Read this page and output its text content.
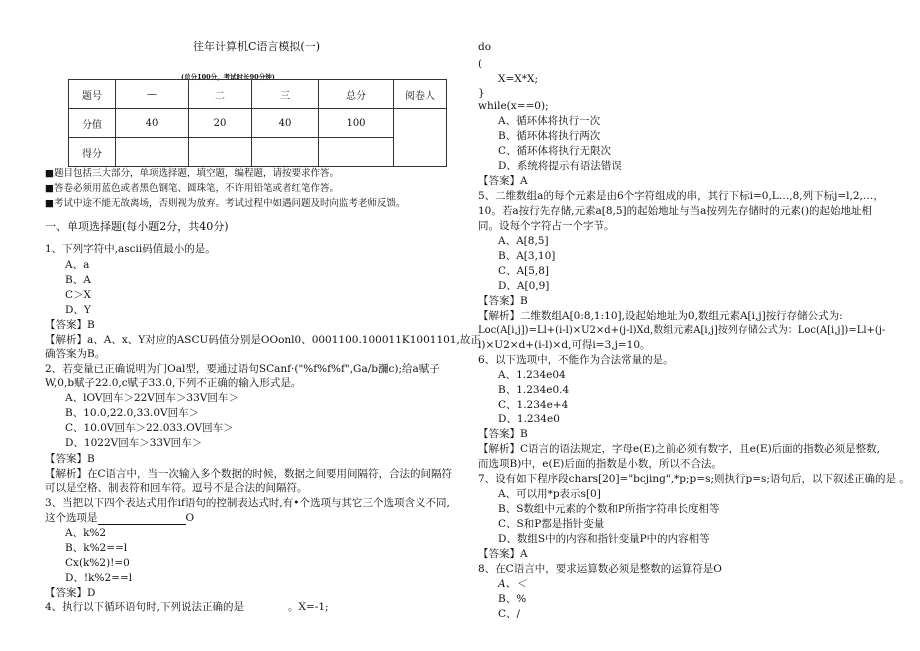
往年计算机C语言模拟(一)
(总分100分，考试时长90分钟)
题号	—	二	三	总分	阅卷人
分值	40	20	40	100	
得分					
■题目包括三大部分，单项选择题，填空题，编程题，请按要求作答。
■答卷必须用蓝色或者黑色钢笔、圆珠笔，不许用铅笔或者红笔作答。
■考试中途不能无故离场，否则视为放弃。考试过程中如遇问题及时向监考老师反馈。
一、单项选择题(每小题2分，共40分)
1、下列字符中,ascii码值最小的是。
A、a
B、A
C＞X
D、Y
【答案】B
【解析】a、A、x、Y对应的ASCU码值分别是OOonl0、0001100.100011K1001101,故正
确答案为B。
2、若变量已正确说明为门Oal型，要通过语句SCanf·("%f%f%f",Ga/b瀰c);给a赋子
W,0,b赋子22.0,c赋子33.0,下列不正确的输入形式是。
A、lOV回车＞22V回车＞33V回车＞
B、10.0,22.0,33.0V回车＞
C、10.0V回车＞22.033.OV回车＞
D、1022V回车＞33V回车＞
【答案】B
【解析】在C语言中，当一次输入多个数据的时候，数据之间要用间隔符，合法的间隔符
可以是空格、制表符和回车符。逗号不是合法的间隔符。
3、当把以下四个表达式用作if语句的控制表达式时,有•个选项与其它三个选项含义不同,
这个选项是	O
A、k%2
B、k%2==l
Cx(k%2)!=0
D、!k%2==l
【答案】D
4、执行以下循环语句时,下列说法正确的是	。X=-1;
do
(
X=X*X;
}
while(x==0);
A、循环体将执行一次
B、循环体将执行两次
C、循环体将执行无限次
D、系统将提示有语法错误
【答案】A
5、二维数组a的每个元素是由6个字符组成的串，其行下标i=0,L…,8,列下标j=l,2,…，
10。若a按行先存储,元素a[8,5]的起始地址与当a按列先存储时的元素()的起始地址相
同。设每个字符占一个字节。
A、A[8,5]
B、A[3,10]
C、A[5,8]
D、A[0,9]
【答案】B
【解析】二维数组A[0:8,1:10],设起始地址为0,数组元素A[i,j]按行存储公式为:
Loc(A[i,j])=Ll+(i-l)×U2×d+(j-l)Xd,数组元素A[i,j]按列存储公式为：Loc(A[i,j])=Ll+(j-
l)×U2×d+(i-l)×d,可得i=3,j=10。
6、以下选项中，不能作为合法常量的是。
A、1.234e04
B、1.234e0.4
C、1.234e+4
D、1.234e0
【答案】B
【解析】C语言的语法规定，字母e(E)之前必须有数字，且e(E)后面的指数必须是整数,
而选项B)中，e(E)后面的指数是小数，所以不合法。
7、设有如下程序段chars[20]="bcjing",*p;p=s;则执行p=s;语句后，以下叙述正确的是 。
A、可以用*p表示s[0]
B、S数组中元素的个数和P所指字符串长度相等
C、S和P都是指针变量
D、数组S中的内容和指针变量P中的内容相等
【答案】A
8、在C语言中，要求运算数必须是整数的运算符是O
A、＜
B、%
C、/
